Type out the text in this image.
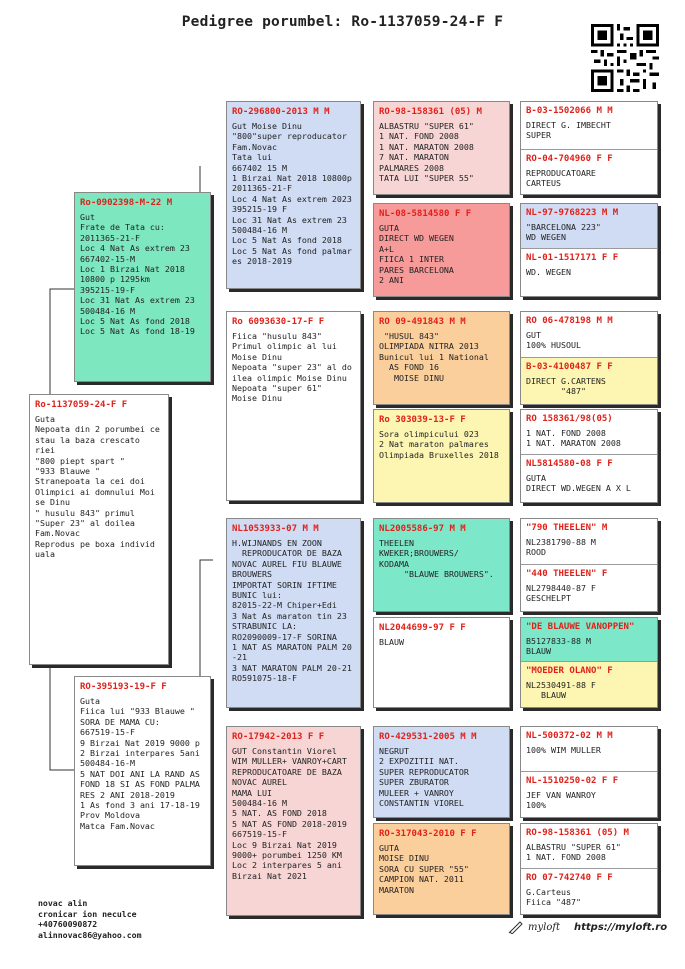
Pedigree porumbel: Ro-1137059-24-F F
Ro-1137059-24-F F
Guta
Nepoata din 2 porumbei ce stau la baza crescato riei
"800 piept spart "
"933 Blauwe "
Stranepoata la cei doi Olimpici ai domnului Moi se Dinu
" husulu 843" primul
"Super 23" al doilea
Fam.Novac
Reprodus pe boxa individ uala
Ro-0902398-M-22 M
Gut
Frate de Tata cu:
2011365-21-F
Loc 4 Nat As extrem 23
667402-15-M
Loc 1 Birzai Nat 2018
10800 p 1295km
395215-19-F
Loc 31 Nat As extrem 23
500484-16 M
Loc 5 Nat As fond 2018
Loc 5 Nat As fond 18-19
RO-395193-19-F F
Guta
Fiica lui "933 Blauwe "
SORA DE MAMA CU:
667519-15-F
9 Birzai Nat 2019 9000 p
2 Birzai interpares 5ani
500484-16-M
5 NAT DOI ANI LA RAND AS FOND 18 SI AS FOND PALMA RES 2 ANI 2018-2019
1 As fond 3 ani 17-18-19
Prov Moldova
Matca Fam.Novac
RO-296800-2013 M M
Gut Moise Dinu
"800"super reproducator
Fam.Novac
Tata lui
667402 15 M
1 Birzai Nat 2018 10800p
2011365-21-F
Loc 4 Nat As extrem 2023
395215-19 F
Loc 31 Nat As extrem 23
500484-16 M
Loc 5 Nat As fond 2018
Loc 5 Nat As fond palmar es 2018-2019
Ro 6093630-17-F F
Fiica "husulu 843"
Primul olimpic al lui Moise Dinu
Nepoata "super 23" al do ilea olimpic Moise Dinu
Nepoata "super 61"
Moise Dinu
NL1053933-07 M M
H.WIJNANDS EN ZOON
REPRODUCATOR DE BAZA
NOVAC AUREL FIU BLAUWE BROUWERS
IMPORTAT SORIN IFTIME
BUNIC lui:
82015-22-M Chiper+Edi
3 Nat As maraton tin 23
STRABUNIC LA:
RO2090009-17-F SORINA
1 NAT AS MARATON PALM 20 -21
3 NAT MARATON PALM 20-21
RO591075-18-F
RO-17942-2013 F F
GUT Constantin Viorel
WIM MULLER+ VANROY+CART
REPRODUCATOARE DE BAZA
NOVAC AUREL
MAMA LUI
500484-16 M
5 NAT. AS FOND 2018
5 NAT AS FOND 2018-2019
667519-15-F
Loc 9 Birzai Nat 2019
9000+ porumbei 1250 KM
Loc 2 interpares 5 ani
Birzai Nat 2021
RO-98-158361 (05) M
ALBASTRU "SUPER 61"
1 NAT. FOND 2008
1 NAT. MARATON 2008
7 NAT. MARATON
PALMARES 2008
TATA LUI "SUPER 55"
NL-08-5814580 F F
GUTA
DIRECT WD WEGEN
A+L
FIICA 1 INTER
PARES BARCELONA
2 ANI
RO 09-491843 M M
"HUSUL 843"
OLIMPIADA NITRA 2013
Bunicul lui 1 National
AS FOND 16
MOISE DINU
Ro 303039-13-F F
Sora olimpicului 023
2 Nat maraton palmares
Olimpiada Bruxelles 2018
NL2005586-97 M M
THEELEN
KWEKER;BROUWERS/
KODAMA
"BLAUWE BROUWERS".
NL2044699-97 F F
BLAUW
RO-429531-2005 M M
NEGRUT
2 EXPOZITII NAT.
SUPER REPRODUCATOR
SUPER ZBURATOR
MULEER + VANROY
CONSTANTIN VIOREL
RO-317043-2010 F F
GUTA
MOISE DINU
SORA CU SUPER "55"
CAMPION NAT. 2011
MARATON
B-03-1502066 M M
DIRECT G. IMBECHT
SUPER
RO-04-704960 F F
REPRODUCATOARE
CARTEUS
NL-97-9768223 M M
"BARCELONA 223"
WD WEGEN
NL-01-1517171 F F
WD. WEGEN
RO 06-478198 M M
GUT
100% HUSOUL
B-03-4100487 F F
DIRECT G.CARTENS
"487"
RO 158361/98(05)
1 NAT. FOND 2008
1 NAT. MARATON 2008
NL5814580-08 F F
GUTA
DIRECT WD.WEGEN A X L
"790 THEELEN" M
NL2381790-88 M
ROOD
"440 THEELEN" F
NL2798440-87 F
GESCHELPT
"DE BLAUWE VANOPPEN"
B5127833-88 M
BLAUW
"MOEDER OLANO" F
NL2530491-88 F
BLAUW
NL-500372-02 M M
100% WIM MULLER
NL-1510250-02 F F
JEF VAN WANROY
100%
RO-98-158361 (05) M
ALBASTRU "SUPER 61"
1 NAT. FOND 2008
RO 07-742740 F F
G.Carteus
Fiica "487"
novac alin
cronicar ion neculce
+40760090872
alinnovac86@yahoo.com
myloft https://myloft.ro
